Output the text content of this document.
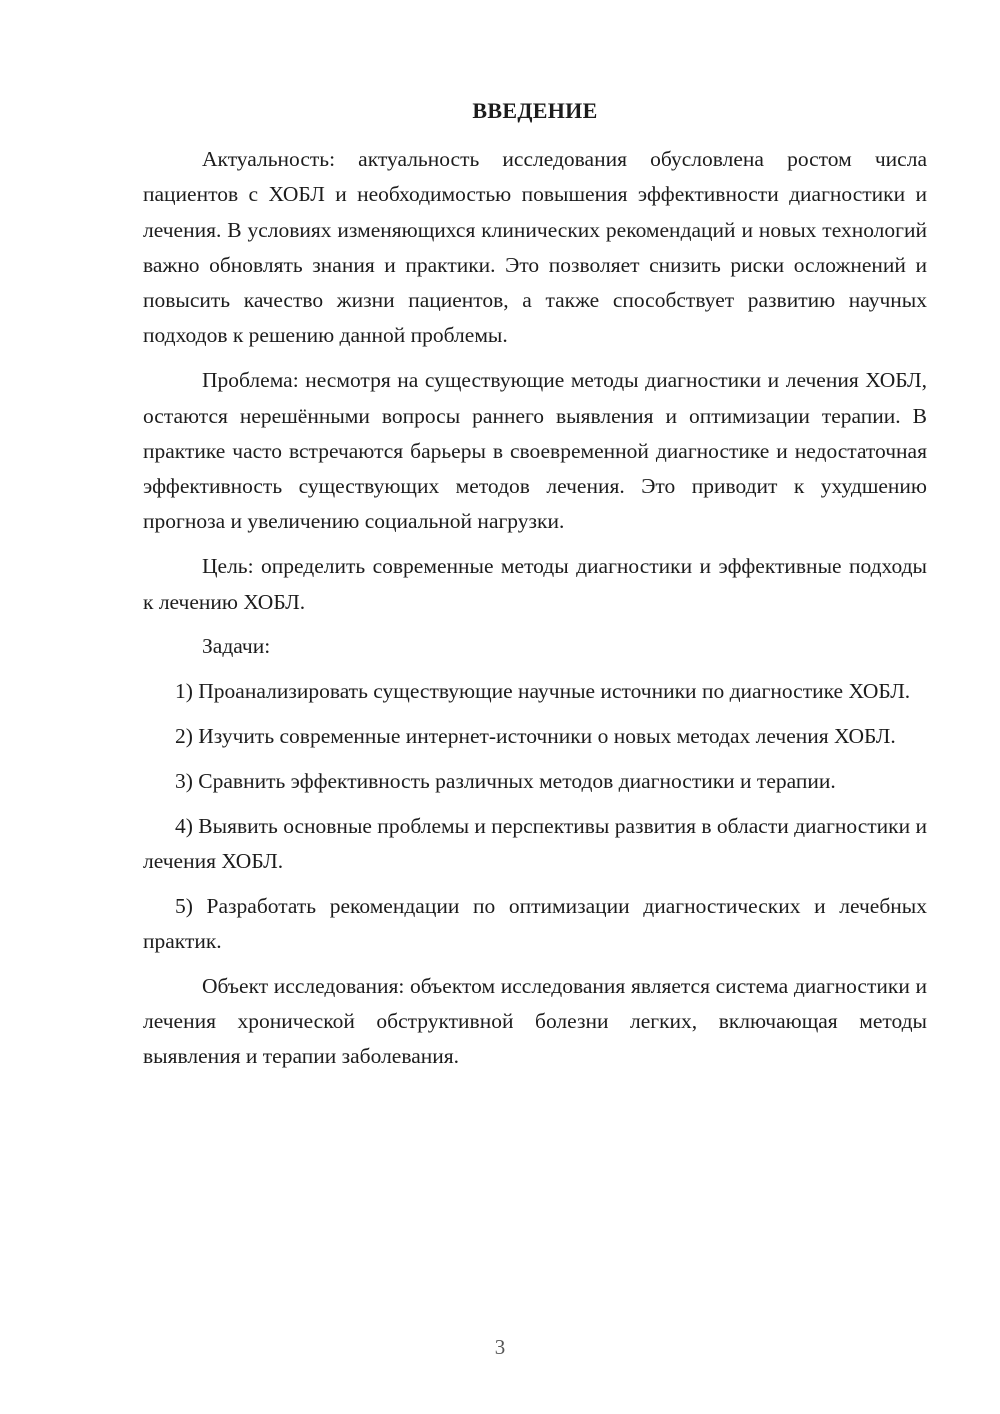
ВВЕДЕНИЕ

Актуальность: актуальность исследования обусловлена ростом числа пациентов с ХОБЛ и необходимостью повышения эффективности диагностики и лечения. В условиях изменяющихся клинических рекомендаций и новых технологий важно обновлять знания и практики. Это позволяет снизить риски осложнений и повысить качество жизни пациентов, а также способствует развитию научных подходов к решению данной проблемы.

Проблема: несмотря на существующие методы диагностики и лечения ХОБЛ, остаются нерешёнными вопросы раннего выявления и оптимизации терапии. В практике часто встречаются барьеры в своевременной диагностике и недостаточная эффективность существующих методов лечения. Это приводит к ухудшению прогноза и увеличению социальной нагрузки.

Цель: определить современные методы диагностики и эффективные подходы к лечению ХОБЛ.

Задачи:

1) Проанализировать существующие научные источники по диагностике ХОБЛ.

2) Изучить современные интернет-источники о новых методах лечения ХОБЛ.

3) Сравнить эффективность различных методов диагностики и терапии.

4) Выявить основные проблемы и перспективы развития в области диагностики и лечения ХОБЛ.

5) Разработать рекомендации по оптимизации диагностических и лечебных практик.

Объект исследования: объектом исследования является система диагностики и лечения хронической обструктивной болезни легких, включающая методы выявления и терапии заболевания.

3
